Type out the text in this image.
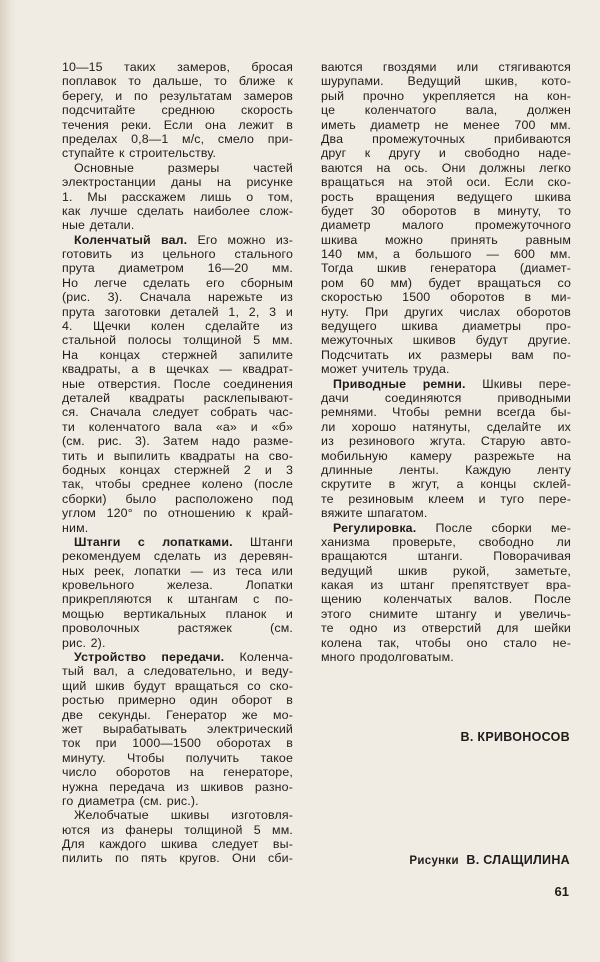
10—15 таких замеров, бросая
поплавок то дальше, то ближе к
берегу, и по результатам замеров
подсчитайте среднюю скорость
течения реки. Если она лежит в
пределах 0,8—1 м/с, смело при-
ступайте к строительству.
Основные размеры частей
электростанции даны на рисунке
1. Мы расскажем лишь о том,
как лучше сделать наиболее слож-
ные детали.
Коленчатый вал. Его можно из-
готовить из цельного стального
прута диаметром 16—20 мм.
Но легче сделать его сборным
(рис. 3). Сначала нарежьте из
прута заготовки деталей 1, 2, 3 и
4. Щечки колен сделайте из
стальной полосы толщиной 5 мм.
На концах стержней запилите
квадраты, а в щечках — квадрат-
ные отверстия. После соединения
деталей квадраты расклепывают-
ся. Сначала следует собрать час-
ти коленчатого вала «а» и «б»
(см. рис. 3). Затем надо разме-
тить и выпилить квадраты на сво-
бодных концах стержней 2 и 3
так, чтобы среднее колено (после
сборки) было расположено под
углом 120° по отношению к край-
ним.
Штанги с лопатками. Штанги
рекомендуем сделать из деревян-
ных реек, лопатки — из теса или
кровельного железа. Лопатки
прикрепляются к штангам с по-
мощью вертикальных планок и
проволочных растяжек (см.
рис. 2).
Устройство передачи. Коленча-
тый вал, а следовательно, и веду-
щий шкив будут вращаться со ско-
ростью примерно один оборот в
две секунды. Генератор же мо-
жет вырабатывать электрический
ток при 1000—1500 оборотах в
минуту. Чтобы получить такое
число оборотов на генераторе,
нужна передача из шкивов разно-
го диаметра (см. рис.).
Желобчатые шкивы изготовля-
ются из фанеры толщиной 5 мм.
Для каждого шкива следует вы-
пилить по пять кругов. Они сби-
ваются гвоздями или стягиваются
шурупами. Ведущий шкив, кото-
рый прочно укрепляется на кон-
це коленчатого вала, должен
иметь диаметр не менее 700 мм.
Два промежуточных прибиваются
друг к другу и свободно наде-
ваются на ось. Они должны легко
вращаться на этой оси. Если ско-
рость вращения ведущего шкива
будет 30 оборотов в минуту, то
диаметр малого промежуточного
шкива можно принять равным
140 мм, а большого — 600 мм.
Тогда шкив генератора (диамет-
ром 60 мм) будет вращаться со
скоростью 1500 оборотов в ми-
нуту. При других числах оборотов
ведущего шкива диаметры про-
межуточных шкивов будут другие.
Подсчитать их размеры вам по-
может учитель труда.
Приводные ремни. Шкивы пере-
дачи соединяются приводными
ремнями. Чтобы ремни всегда бы-
ли хорошо натянуты, сделайте их
из резинового жгута. Старую авто-
мобильную камеру разрежьте на
длинные ленты. Каждую ленту
скрутите в жгут, а концы склей-
те резиновым клеем и туго пере-
вяжите шпагатом.
Регулировка. После сборки ме-
ханизма проверьте, свободно ли
вращаются штанги. Поворачивая
ведущий шкив рукой, заметьте,
какая из штанг препятствует вра-
щению коленчатых валов. После
этого снимите штангу и увеличь-
те одно из отверстий для шейки
колена так, чтобы оно стало не-
много продолговатым.
В. КРИВОНОСОВ
Рисунки В. СЛАЩИЛИНА
61
